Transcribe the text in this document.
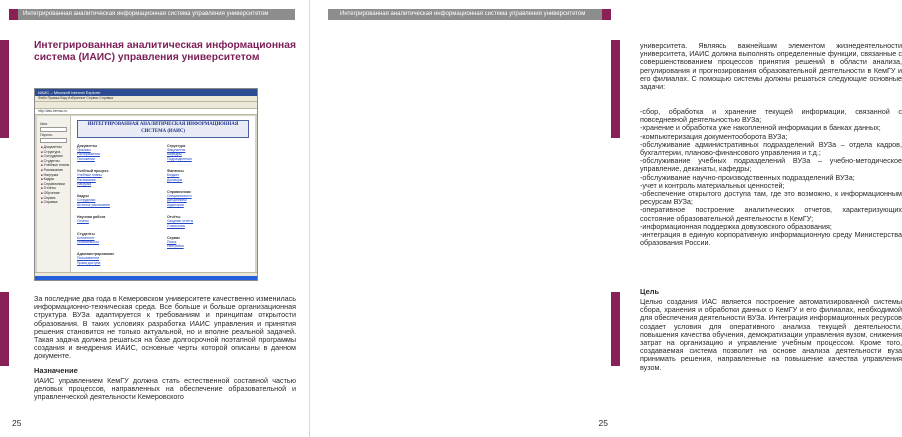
Интегрированная аналитическая информационная система управления университетом
Интегрированная аналитическая информационная система (ИАИС) управления университетом
ИАИС – Microsoft Internet Explorer
Файл Правка Вид Избранное Сервис Справка
http://iais.kemsu.ru
Имя:
Пароль:
■ Документы
■ Структура
■ Сотрудники
■ Студенты
■ Учебные планы
■ Расписание
■ Нагрузка
■ Кадры
■ Справочники
■ Отчёты
■ Обучение
■ Сервис
■ Справка
ИНТЕГРИРОВАННАЯ АНАЛИТИЧЕСКАЯ ИНФОРМАЦИОННАЯ СИСТЕМА (ИАИС)
Документы
Приказы
Распоряжения
Положения
Учебный процесс
Учебные планы
Расписание
Нагрузка
Кадры
Сотрудники
Штатное расписание
Научная работа
Отчёты
Студенты
Контингент
Успеваемость
Администрирование
Пользователи
Права доступа
Структура
Факультеты
Кафедры
Подразделения
Финансы
Бюджет
Договоры
Справочники
Специальности
Дисциплины
Аудитории
Отчёты
Сводные отчёты
Статистика
Сервис
Поиск
Настройки

За последние два года в Кемеровском университете качественно изменилась информационно-техническая среда. Все больше и больше организационная структура ВУЗа адаптируется к требованиям и принципам открытости образования. В таких условиях разработка ИАИС управления и принятия решения становится не только актуальной, но и вполне реальной задачей. Такая задача должна решаться на базе долгосрочной поэтапной программы создания и внедрения ИАИС, основные черты которой описаны в данном документе.

Назначение

ИАИС управлением КемГУ должна стать естественной составной частью деловых процессов, направленных на обеспечение образовательной и управленческой деятельности Кемеровского

25
Интегрированная аналитическая информационная система управления университетом

университета. Являясь важнейшим элементом жизнедеятельности университета, ИАИС должна выполнять определенные функции, связанные с совершенствованием процессов принятия решений в области анализа, регулирования и прогнозирования образовательной деятельности в КемГУ и его филиалах. С помощью системы должны решаться следующие основные задачи:

-сбор, обработка и хранение текущей информации, связанной с повседневной деятельностью ВУЗа;
-хранение и обработка уже накопленной информации в банках данных;
-компьютеризация документооборота ВУЗа;
-обслуживание административных подразделений ВУЗа – отдела кадров, бухгалтерии, планово-финансового управления и т.д.;
-обслуживание учебных подразделений ВУЗа – учебно-методическое управление, деканаты, кафедры;
-обслуживание научно-производственных подразделений ВУЗа;
-учет и контроль материальных ценностей;
-обеспечение открытого доступа там, где это возможно, к информационным ресурсам ВУЗа;
-оперативное построение аналитических отчетов, характеризующих состояние образовательной деятельности в КемГУ;
-информационная поддержка довузовского образования;
-интеграция в единую корпоративную информационную среду Министерства образования России.
Цель

Целью создания ИАС является построение автоматизированной системы сбора, хранения и обработки данных о КемГУ и его филиалах, необходимой для обеспечения деятельности ВУЗа. Интеграция информационных ресурсов создает условия для оперативного анализа текущей деятельности, повышения качества обучения, демократизации управления вузом, снижения затрат на организацию и управление учебным процессом. Кроме того, создаваемая система позволит на основе анализа деятельности вуза принимать решения, направленные на повышение качества управления вузом.

25
